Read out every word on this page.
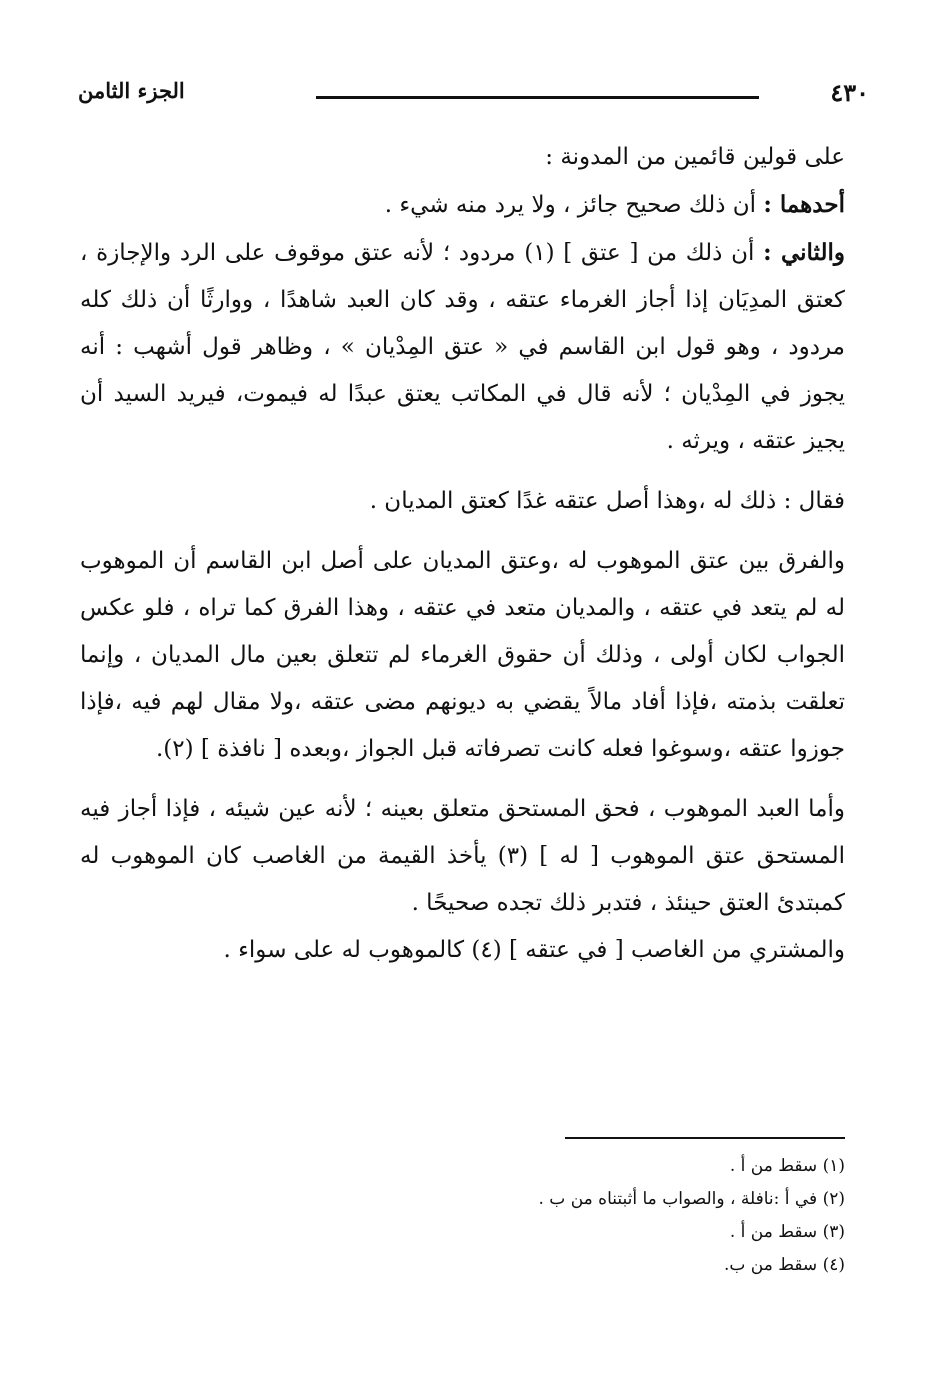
٤٣٠
الجزء الثامن

على قولين قائمين من المدونة :

أحدهما : أن ذلك صحيح جائز ، ولا يرد منه شيء .

والثاني : أن ذلك من [ عتق ] (١) مردود ؛ لأنه عتق موقوف على الرد والإجازة ، كعتق المدِيَان إذا أجاز الغرماء عتقه ، وقد كان العبد شاهدًا ، ووارثًا أن ذلك كله مردود ، وهو قول ابن القاسم في « عتق المِدْيان » ، وظاهر قول أشهب : أنه يجوز في المِدْيان ؛ لأنه قال في المكاتب يعتق عبدًا له فيموت، فيريد السيد أن يجيز عتقه ، ويرثه .

فقال : ذلك له ،وهذا أصل عتقه غدًا كعتق المديان .

والفرق بين عتق الموهوب له ،وعتق المديان على أصل ابن القاسم أن الموهوب له لم يتعد في عتقه ، والمديان متعد في عتقه ، وهذا الفرق كما تراه ، فلو عكس الجواب لكان أولى ، وذلك أن حقوق الغرماء لم تتعلق بعين مال المديان ، وإنما تعلقت بذمته ،فإذا أفاد مالاً يقضي به ديونهم مضى عتقه ،ولا مقال لهم فيه ،فإذا جوزوا عتقه ،وسوغوا فعله كانت تصرفاته قبل الجواز ،وبعده [ نافذة ] (٢).

وأما العبد الموهوب ، فحق المستحق متعلق بعينه ؛ لأنه عين شيئه ، فإذا أجاز فيه المستحق عتق الموهوب [ له ] (٣) يأخذ القيمة من الغاصب كان الموهوب له كمبتدئ العتق حينئذ ، فتدبر ذلك تجده صحيحًا .

والمشتري من الغاصب [ في عتقه ] (٤) كالموهوب له على سواء .

(١) سقط من أ .

(٢) في أ :نافلة ، والصواب ما أثبتناه من ب .

(٣) سقط من أ .

(٤) سقط من ب.
